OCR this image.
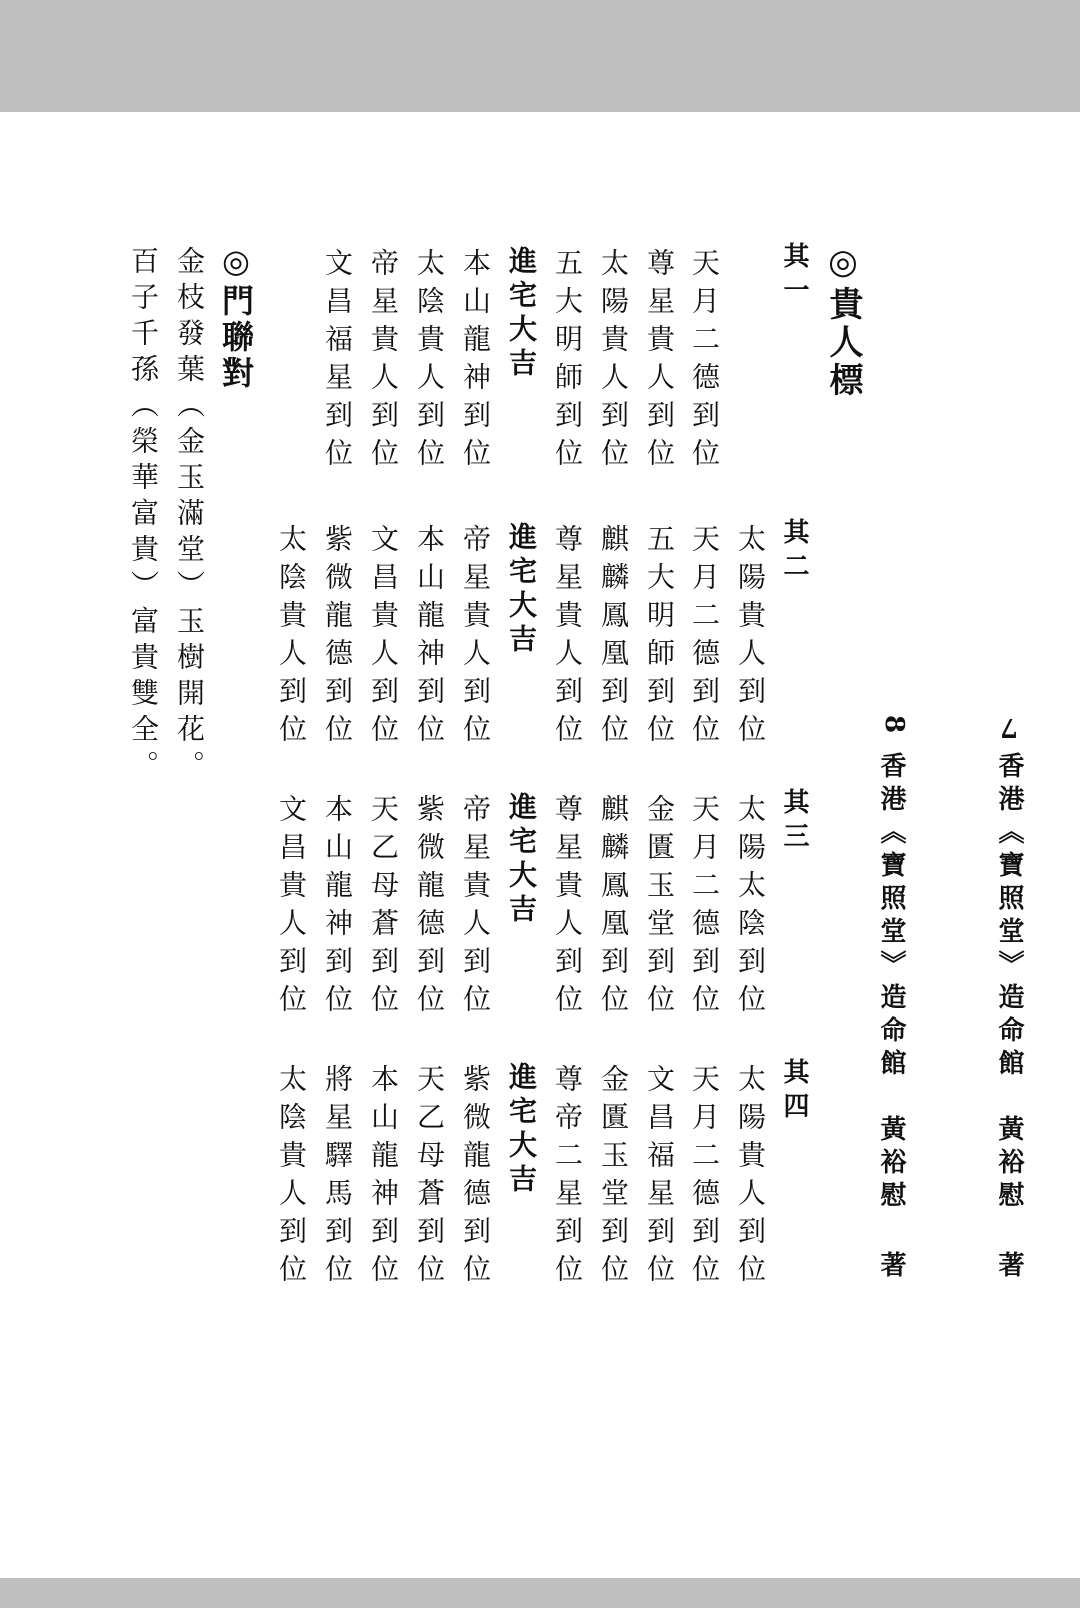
7
香港《寶照堂》造命館　黃裕慰 著
8
香港《寶照堂》造命館　黃裕慰 著
◎貴人標
其一
天月二德到位
尊星貴人到位
太陽貴人到位
五大明師到位
進宅大吉
本山龍神到位
太陰貴人到位
帝星貴人到位
文昌福星到位
其二
太陽貴人到位
天月二德到位
五大明師到位
麒麟鳳凰到位
尊星貴人到位
進宅大吉
帝星貴人到位
本山龍神到位
文昌貴人到位
紫微龍德到位
太陰貴人到位
其三
太陽太陰到位
天月二德到位
金匱玉堂到位
麒麟鳳凰到位
尊星貴人到位
進宅大吉
帝星貴人到位
紫微龍德到位
天乙母蒼到位
本山龍神到位
文昌貴人到位
其四
太陽貴人到位
天月二德到位
文昌福星到位
金匱玉堂到位
尊帝二星到位
進宅大吉
紫微龍德到位
天乙母蒼到位
本山龍神到位
將星驛馬到位
太陰貴人到位
◎門聯對
金枝發葉（金玉滿堂）玉樹開花。
百子千孫（榮華富貴）富貴雙全。
